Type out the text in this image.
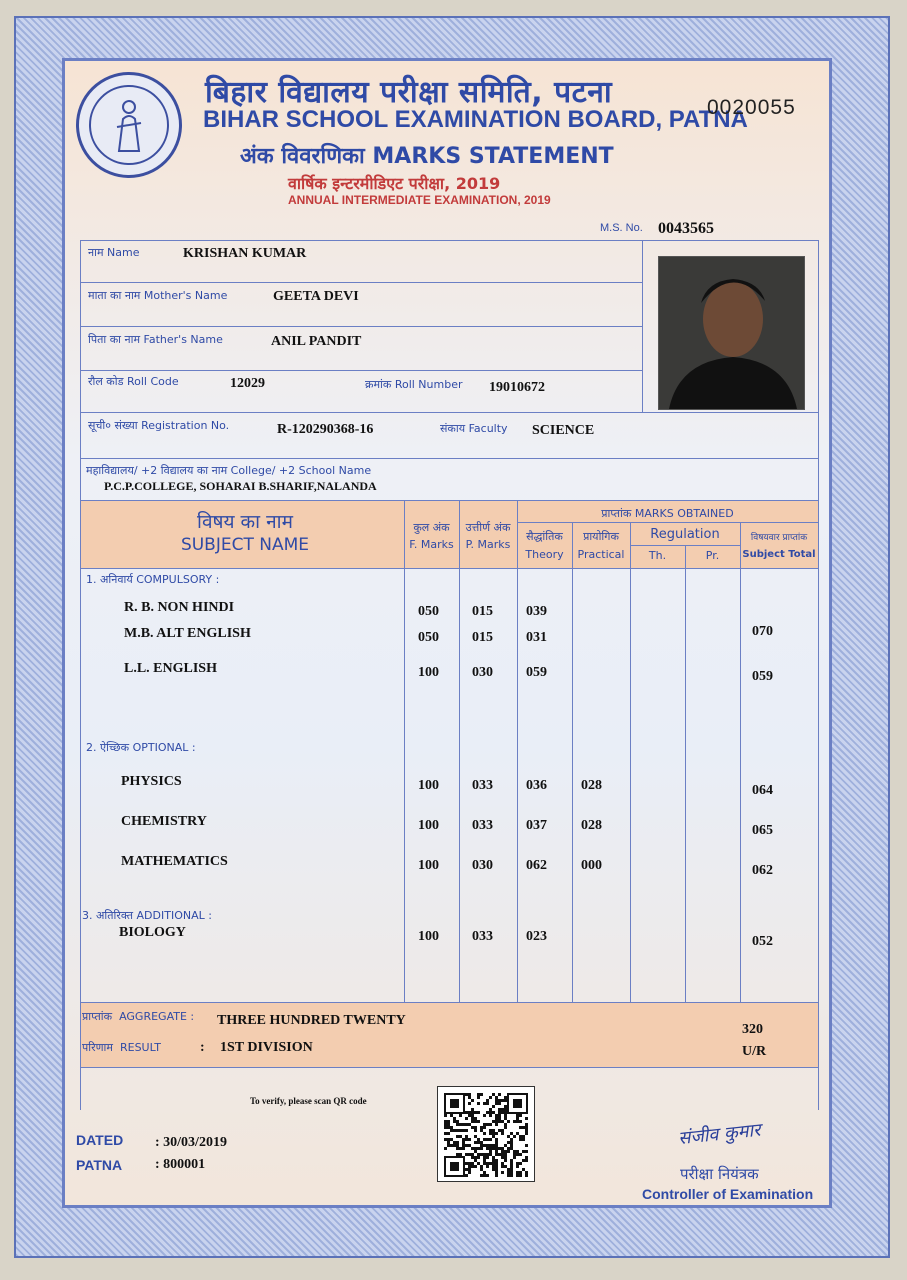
बिहार विद्यालय परीक्षा समिति, पटना
BIHAR SCHOOL EXAMINATION BOARD, PATNA
अंक विवरणिका MARKS STATEMENT
वार्षिक इन्टरमीडिएट परीक्षा, 2019
ANNUAL INTERMEDIATE EXAMINATION, 2019
0020055
M.S. No. 0043565
नाम Name	KRISHAN KUMAR
माता का नाम Mother's Name	GEETA DEVI
पिता का नाम Father's Name	ANIL PANDIT
रौल कोड Roll Code	12029	क्रमांक Roll Number 19010672
सूची० संख्या Registration No.	R-120290368-16	संकाय Faculty SCIENCE
महाविद्यालय/ +2 विद्यालय का नाम College/ +2 School Name
P.C.P.COLLEGE, SOHARAI B.SHARIF,NALANDA
विषय का नाम
SUBJECT NAME
कुल अंक
F. Marks
उत्तीर्ण अंक
P. Marks
प्राप्तांक MARKS OBTAINED
सैद्धांतिक
Theory
प्रायोगिक
Practical
Regulation
Th.	Pr.
विषयवार प्राप्तांक
Subject Total
1. अनिवार्य COMPULSORY :
2. ऐच्छिक OPTIONAL :
3. अतिरिक्त ADDITIONAL :
R. B. NON HINDI	050 015 039
M.B. ALT ENGLISH	050 015 031	070
L.L. ENGLISH	100 030 059	059
PHYSICS	100 033 036 028	064
CHEMISTRY	100 033 037 028	065
MATHEMATICS	100 030 062 000	062
BIOLOGY	100 033 023	052
प्राप्तांक AGGREGATE : THREE HUNDRED TWENTY
320
परिणाम RESULT	: 1ST DIVISION	U/R
To verify, please scan QR code
DATED : 30/03/2019
PATNA : 800001
संजीव कुमार
परीक्षा नियंत्रक
Controller of Examination
